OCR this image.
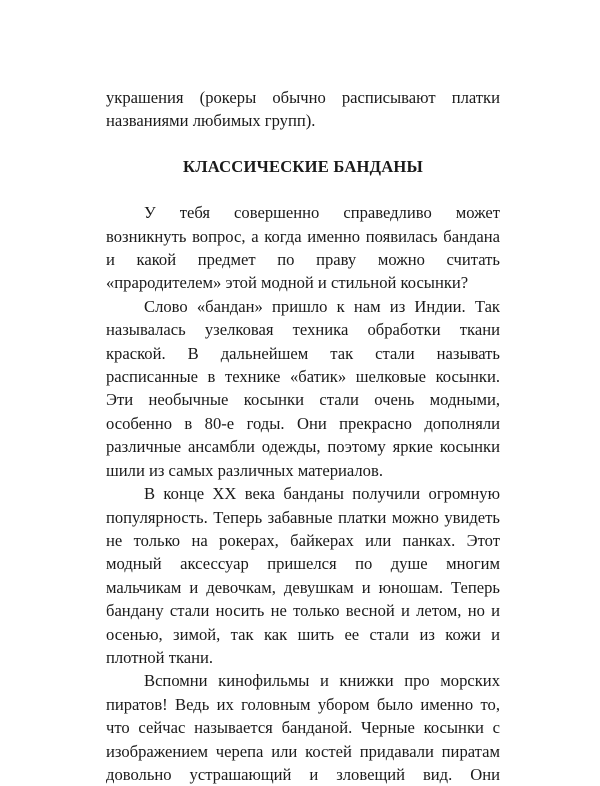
украшения (рокеры обычно расписывают платки названиями любимых групп).

КЛАССИЧЕСКИЕ БАНДАНЫ

У тебя совершенно справедливо может возникнуть вопрос, а когда именно появилась бандана и какой предмет по праву можно считать «прародителем» этой модной и стильной косынки?

Слово «бандан» пришло к нам из Индии. Так называлась узелковая техника обработки ткани краской. В дальнейшем так стали называть расписанные в технике «батик» шелковые косынки. Эти необычные косынки стали очень модными, особенно в 80-е годы. Они прекрасно дополняли различные ансамбли одежды, поэтому яркие косынки шили из самых различных материалов.

В конце XX века банданы получили огромную популярность. Теперь забавные платки можно увидеть не только на рокерах, байкерах или панках. Этот модный аксессуар пришелся по душе многим мальчикам и девочкам, девушкам и юношам. Теперь бандану стали носить не только весной и летом, но и осенью, зимой, так как шить ее стали из кожи и плотной ткани.

Вспомни кинофильмы и книжки про морских пиратов! Ведь их головным убором было именно то, что сейчас называется банданой. Черные косынки с изображением черепа или костей придавали пиратам довольно устрашающий и зловещий вид. Они
